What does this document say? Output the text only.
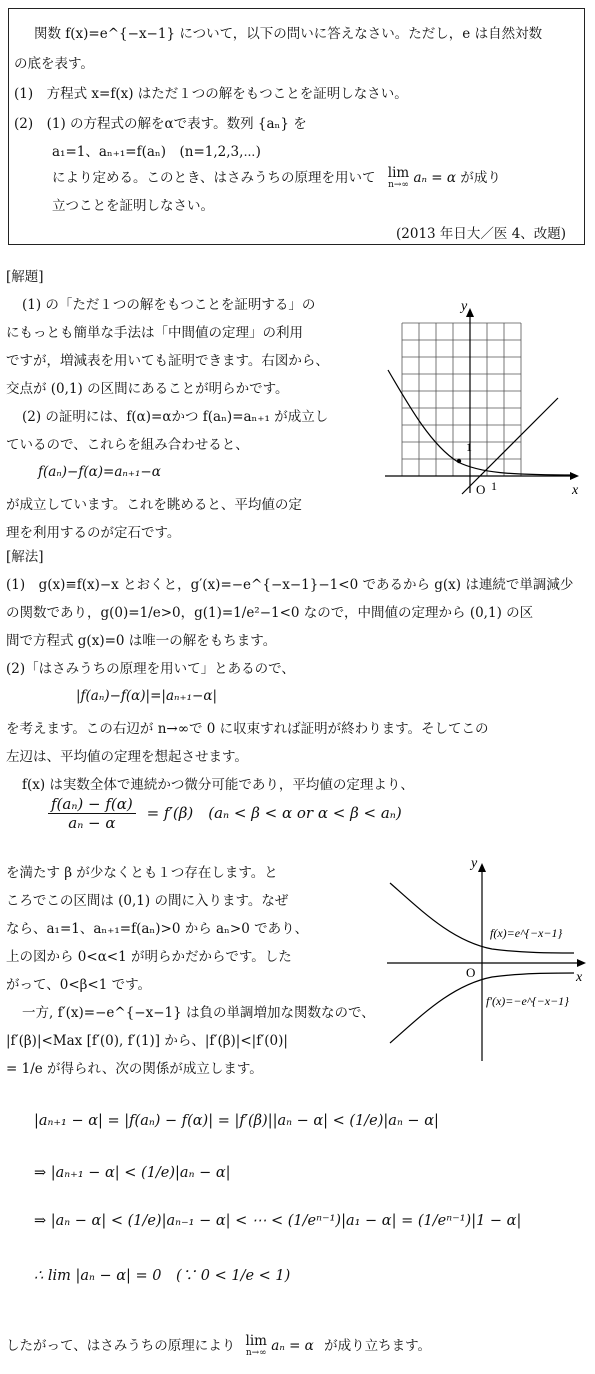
関数 f(x)=e^{−x−1} について，以下の問いに答えなさい。ただし，e は自然対数
の底を表す。
(1)　方程式 x=f(x) はただ１つの解をもつことを証明しなさい。
(2)　(1) の方程式の解をαで表す。数列 {aₙ} を
a₁=1、aₙ₊₁=f(aₙ)　(n=1,2,3,⋯)
により定める。このとき、はさみうちの原理を用いて lim
n→∞ aₙ = α が成り
立つことを証明しなさい。
(2013 年日大／医 4、改題)
[解題]
(1) の「ただ１つの解をもつことを証明する」の
にもっとも簡単な手法は「中間値の定理」の利用
ですが，増減表を用いても証明できます。右図から、
交点が (0,1) の区間にあることが明らかです。
(2) の証明には、f(α)=αかつ f(aₙ)=aₙ₊₁ が成立し
ているので、これらを組み合わせると、
f(aₙ)−f(α)=aₙ₊₁−α
が成立しています。これを眺めると、平均値の定
理を利用するのが定石です。
y
x
O 1
1
[解法]
(1)　g(x)≡f(x)−x とおくと，g′(x)=−e^{−x−1}−1<0 であるから g(x) は連続で単調減少
の関数であり，g(0)=1/e>0，g(1)=1/e²−1<0 なので，中間値の定理から (0,1) の区
間で方程式 g(x)=0 は唯一の解をもちます。
(2)「はさみうちの原理を用いて」とあるので、
|f(aₙ)−f(α)|=|aₙ₊₁−α|
を考えます。この右辺が n→∞で 0 に収束すれば証明が終わります。そしてこの
左辺は、平均値の定理を想起させます。
f(x) は実数全体で連続かつ微分可能であり，平均値の定理より、
$\frac{\text{f(aₙ) − f(α)}}{\text{aₙ − α}} = f'(\beta)$　(aₙ < β < α or α < β < aₙ)
を満たす β が少なくとも１つ存在します。と
ころでこの区間は (0,1) の間に入ります。なぜ
なら、a₁=1、aₙ₊₁=f(aₙ)>0 から aₙ>0 であり、
上の図から 0<α<1 が明らかだからです。した
がって、0<β<1 です。
一方, f′(x)=−e^{−x−1} は負の単調増加な関数なので、
|f′(β)|<Max [f′(0), f′(1)] から、|f′(β)|<|f′(0)|
= 1/e が得られ、次の関係が成立します。
y
x
O
f(x)=e^{−x−1}
f′(x)=−e^{−x−1}
|aₙ₊₁ − α| = |f(aₙ) − f(α)| = |f′(β)||aₙ − α| < (1/e)|aₙ − α|
⇒ |aₙ₊₁ − α| < (1/e)|aₙ − α|
⇒ |aₙ − α| < (1/e)|aₙ₋₁ − α| < ⋯ < (1/eⁿ⁻¹)|a₁ − α| = (1/eⁿ⁻¹)|1 − α|
∴ lim |aₙ − α| = 0　(∵ 0 < 1/e < 1)
したがって、はさみうちの原理により lim
n→∞ aₙ = α が成り立ちます。
